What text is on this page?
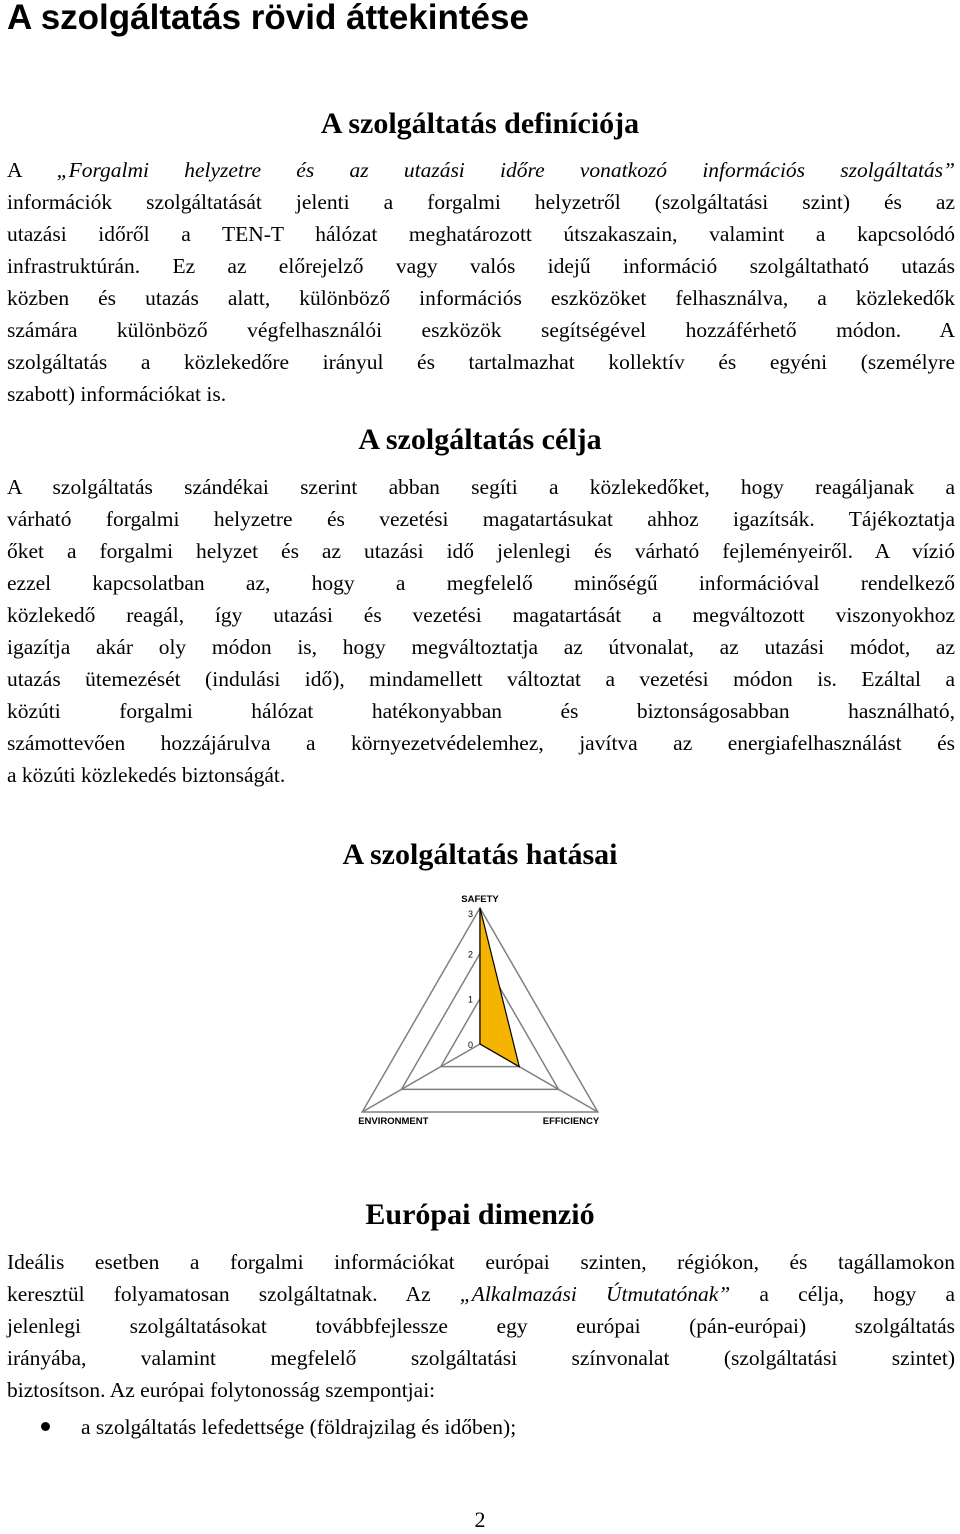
A szolgáltatás rövid áttekintése
A szolgáltatás definíciója
A „Forgalmi helyzetre és az utazási időre vonatkozó információs szolgáltatás”
információk szolgáltatását jelenti a forgalmi helyzetről (szolgáltatási szint) és az
utazási időről a TEN-T hálózat meghatározott útszakaszain, valamint a kapcsolódó
infrastruktúrán. Ez az előrejelző vagy valós idejű információ szolgáltatható utazás
közben és utazás alatt, különböző információs eszközöket felhasználva, a közlekedők
számára különböző végfelhasználói eszközök segítségével hozzáférhető módon. A
szolgáltatás a közlekedőre irányul és tartalmazhat kollektív és egyéni (személyre
szabott) információkat is.
A szolgáltatás célja
A szolgáltatás szándékai szerint abban segíti a közlekedőket, hogy reagáljanak a
várható forgalmi helyzetre és vezetési magatartásukat ahhoz igazítsák. Tájékoztatja
őket a forgalmi helyzet és az utazási idő jelenlegi és várható fejleményeiről. A vízió
ezzel kapcsolatban az, hogy a megfelelő minőségű információval rendelkező
közlekedő reagál, így utazási és vezetési magatartását a megváltozott viszonyokhoz
igazítja akár oly módon is, hogy megváltoztatja az útvonalat, az utazási módot, az
utazás ütemezését (indulási idő), mindamellett változtat a vezetési módon is. Ezáltal a
közúti forgalmi hálózat hatékonyabban és biztonságosabban használható,
számottevően hozzájárulva a környezetvédelemhez, javítva az energiafelhasználást és
a közúti közlekedés biztonságát.
A szolgáltatás hatásai
0
1
2
3
SAFETY
ENVIRONMENT	EFFICIENCY
Európai dimenzió
Ideális esetben a forgalmi információkat európai szinten, régiókon, és tagállamokon
keresztül folyamatosan szolgáltatnak. Az „Alkalmazási Útmutatónak” a célja, hogy a
jelenlegi szolgáltatásokat továbbfejlessze egy európai (pán-európai) szolgáltatás
irányába, valamint megfelelő szolgáltatási színvonalat (szolgáltatási szintet)
biztosítson. Az európai folytonosság szempontjai:
a szolgáltatás lefedettsége (földrajzilag és időben);
2
